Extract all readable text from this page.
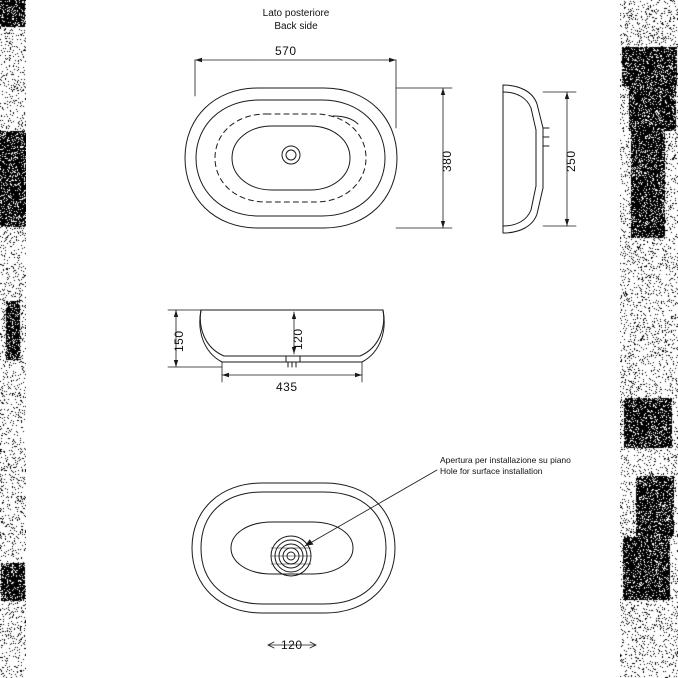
Lato posteriore
Back side
570
380	250
150	120
435
Apertura per installazione su piano
Hole for surface installation
120
